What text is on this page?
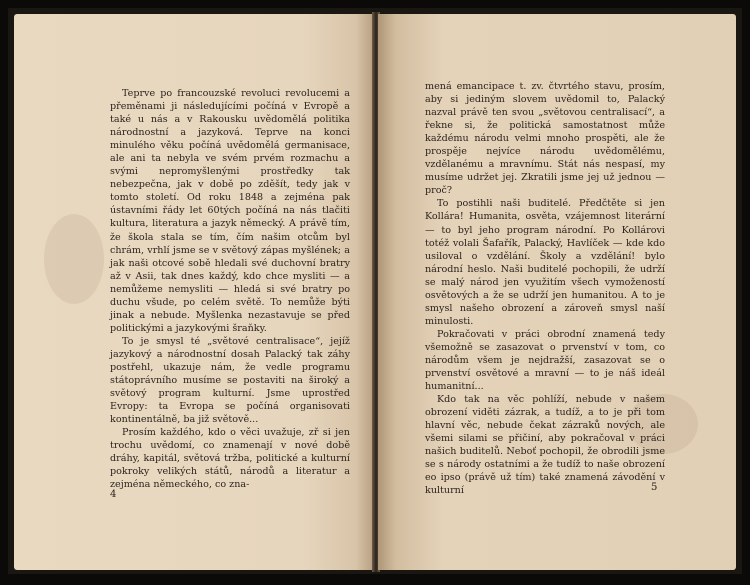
Teprve po francouzské revoluci revolucemi a přeměnami ji následujícími počíná v Evropě a také u nás a v Rakousku uvědomělá politika národnostní a jazyková. Teprve na konci minulého věku počíná uvědomělá germanisace, ale ani ta nebyla ve svém prvém rozmachu a svými nepromyšlenými prostředky tak nebezpečna, jak v době po zděšít, tedy jak v tomto století. Od roku 1848 a zejména pak ústavními řády let 60tých počíná na nás tlačiti kultura, literatura a jazyk německý. A právě tím, že škola stala se tím, čím našim otcům byl chrám, vrhlí jsme se v světový zápas myšlének; a jak naši otcové sobě hledali své duchovní bratry až v Asii, tak dnes každý, kdo chce mysliti — a nemůžeme nemysliti — hledá si své bratry po duchu všude, po celém světě. To nemůže býti jinak a nebude. Myšlenka nezastavuje se před politickými a jazykovými šraňky.

To je smysl té „světové centralisace“, jejíž jazykový a národnostní dosah Palacký tak záhy postřehl, ukazuje nám, že vedle programu státoprávního musíme se postaviti na široký a světový program kulturní. Jsme uprostřed Evropy: ta Evropa se počíná organisovati kontinentálně, ba již světově...

Prosím každého, kdo o věci uvažuje, zř si jen trochu uvědomí, co znamenají v nové době dráhy, kapitál, světová tržba, politické a kulturní pokroky velikých států, národů a literatur a zejména německého, co zna-

4

mená emancipace t. zv. čtvrtého stavu, prosím, aby si jediným slovem uvědomil to, Palacký nazval právě ten svou „světovou centralisací“, a řekne si, že politická samostatnost může každému národu velmi mnoho prospěti, ale že prospěje nejvíce národu uvědomělému, vzdělanému a mravnímu. Stát nás nespasí, my musíme udržet jej. Zkratili jsme jej už jednou — proč?

To postihli naši buditelé. Předčtěte si jen Kollára! Humanita, osvěta, vzájemnost literární — to byl jeho program národní. Po Kollárovi totéž volali Šafařík, Palacký, Havlíček — kde kdo usiloval o vzdělání. Školy a vzdělání! bylo národní heslo. Naši buditelé pochopili, že udrží se malý národ jen využitím všech vymožeností osvětových a že se udrží jen humanitou. A to je smysl našeho obrození a zároveň smysl naší minulosti.

Pokračovati v práci obrodní znamená tedy všemožně se zasazovat o prvenství v tom, co národům všem je nejdražší, zasazovat se o prvenství osvětové a mravní — to je náš ideál humanitní...

Kdo tak na věc pohlíží, nebude v našem obrození viděti zázrak, a tudíž, a to je při tom hlavní věc, nebude čekat zázraků nových, ale všemi silami se přičiní, aby pokračoval v práci našich buditelů. Neboť pochopil, že obrodili jsme se s národy ostatními a že tudíž to naše obrození eo ipso (právě už tím) také znamená závodění v kulturní	5
